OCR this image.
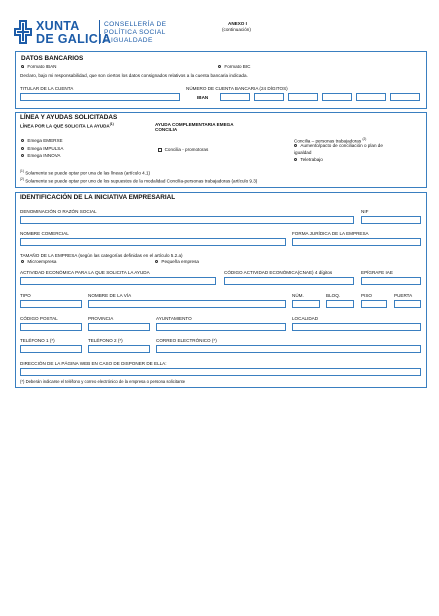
XUNTA
DE GALICIA
CONSELLERÍA DE
POLÍTICA SOCIAL
E IGUALDADE
ANEXO I
(continuación)
DATOS BANCARIOS
Formato IBAN	Formato BIC
Declaro, bajo mi responsabilidad, que son ciertos los datos consignados relativos a la cuenta bancaria indicada.
TITULAR DE LA CUENTA	NÚMERO DE CUENTA BANCARIA (24 DÍGITOS)
IBAN
LÍNEA Y AYUDAS SOLICITADAS
LÍNEA POR LA QUE SOLICITA LA AYUDA$^{(1)}$
Emega EMERXE
Emega IMPULSA
Emega INNOVA
AYUDA COMPLEMENTARIA EMEGA
CONCILIA
Concilia - promotoras
Concilia – personas trabajadoras $^{(2)}$
Aumento/pacto de conciliación o plan de
igualdad
Teletrabajo
$^{(1)}$ Solamente se puede optar por una de las líneas (artículo 4.1)
$^{(2)}$ Solamente se puede optar por uno de los supuestos de la modalidad Concilia-personas trabajadoras (artículo 9.3)
IDENTIFICACIÓN DE LA INICIATIVA EMPRESARIAL
DENOMINACIÓN O RAZÓN SOCIAL	NIF
NOMBRE COMERCIAL	FORMA JURÍDICA DE LA EMPRESA
TAMAÑO DE LA EMPRESA (según las categorías definidas en el artículo 5.2.a)
Microempresa	Pequeña empresa
ACTIVIDAD ECONÓMICA PARA LA QUE SOLICITA LA AYUDA	CÓDIGO ACTIVIDAD ECONÓMICA(CNAE) 4 dígitos	EPÍGRAFE IAE
TIPO	NOMBRE DE LA VÍA	NÚM.	BLOQ.	PISO	PUERTA
CÓDIGO POSTAL	PROVINCIA	AYUNTAMIENTO	LOCALIDAD
TELÉFONO 1 (*)	TELÉFONO 2 (*)	CORREO ELECTRÓNICO (*)
DIRECCIÓN DE LA PÁGINA WEB EN CASO DE DISPONER DE ELLA:
(*) Deberán indicarse el teléfono y correo electrónico de la empresa o persona solicitante
